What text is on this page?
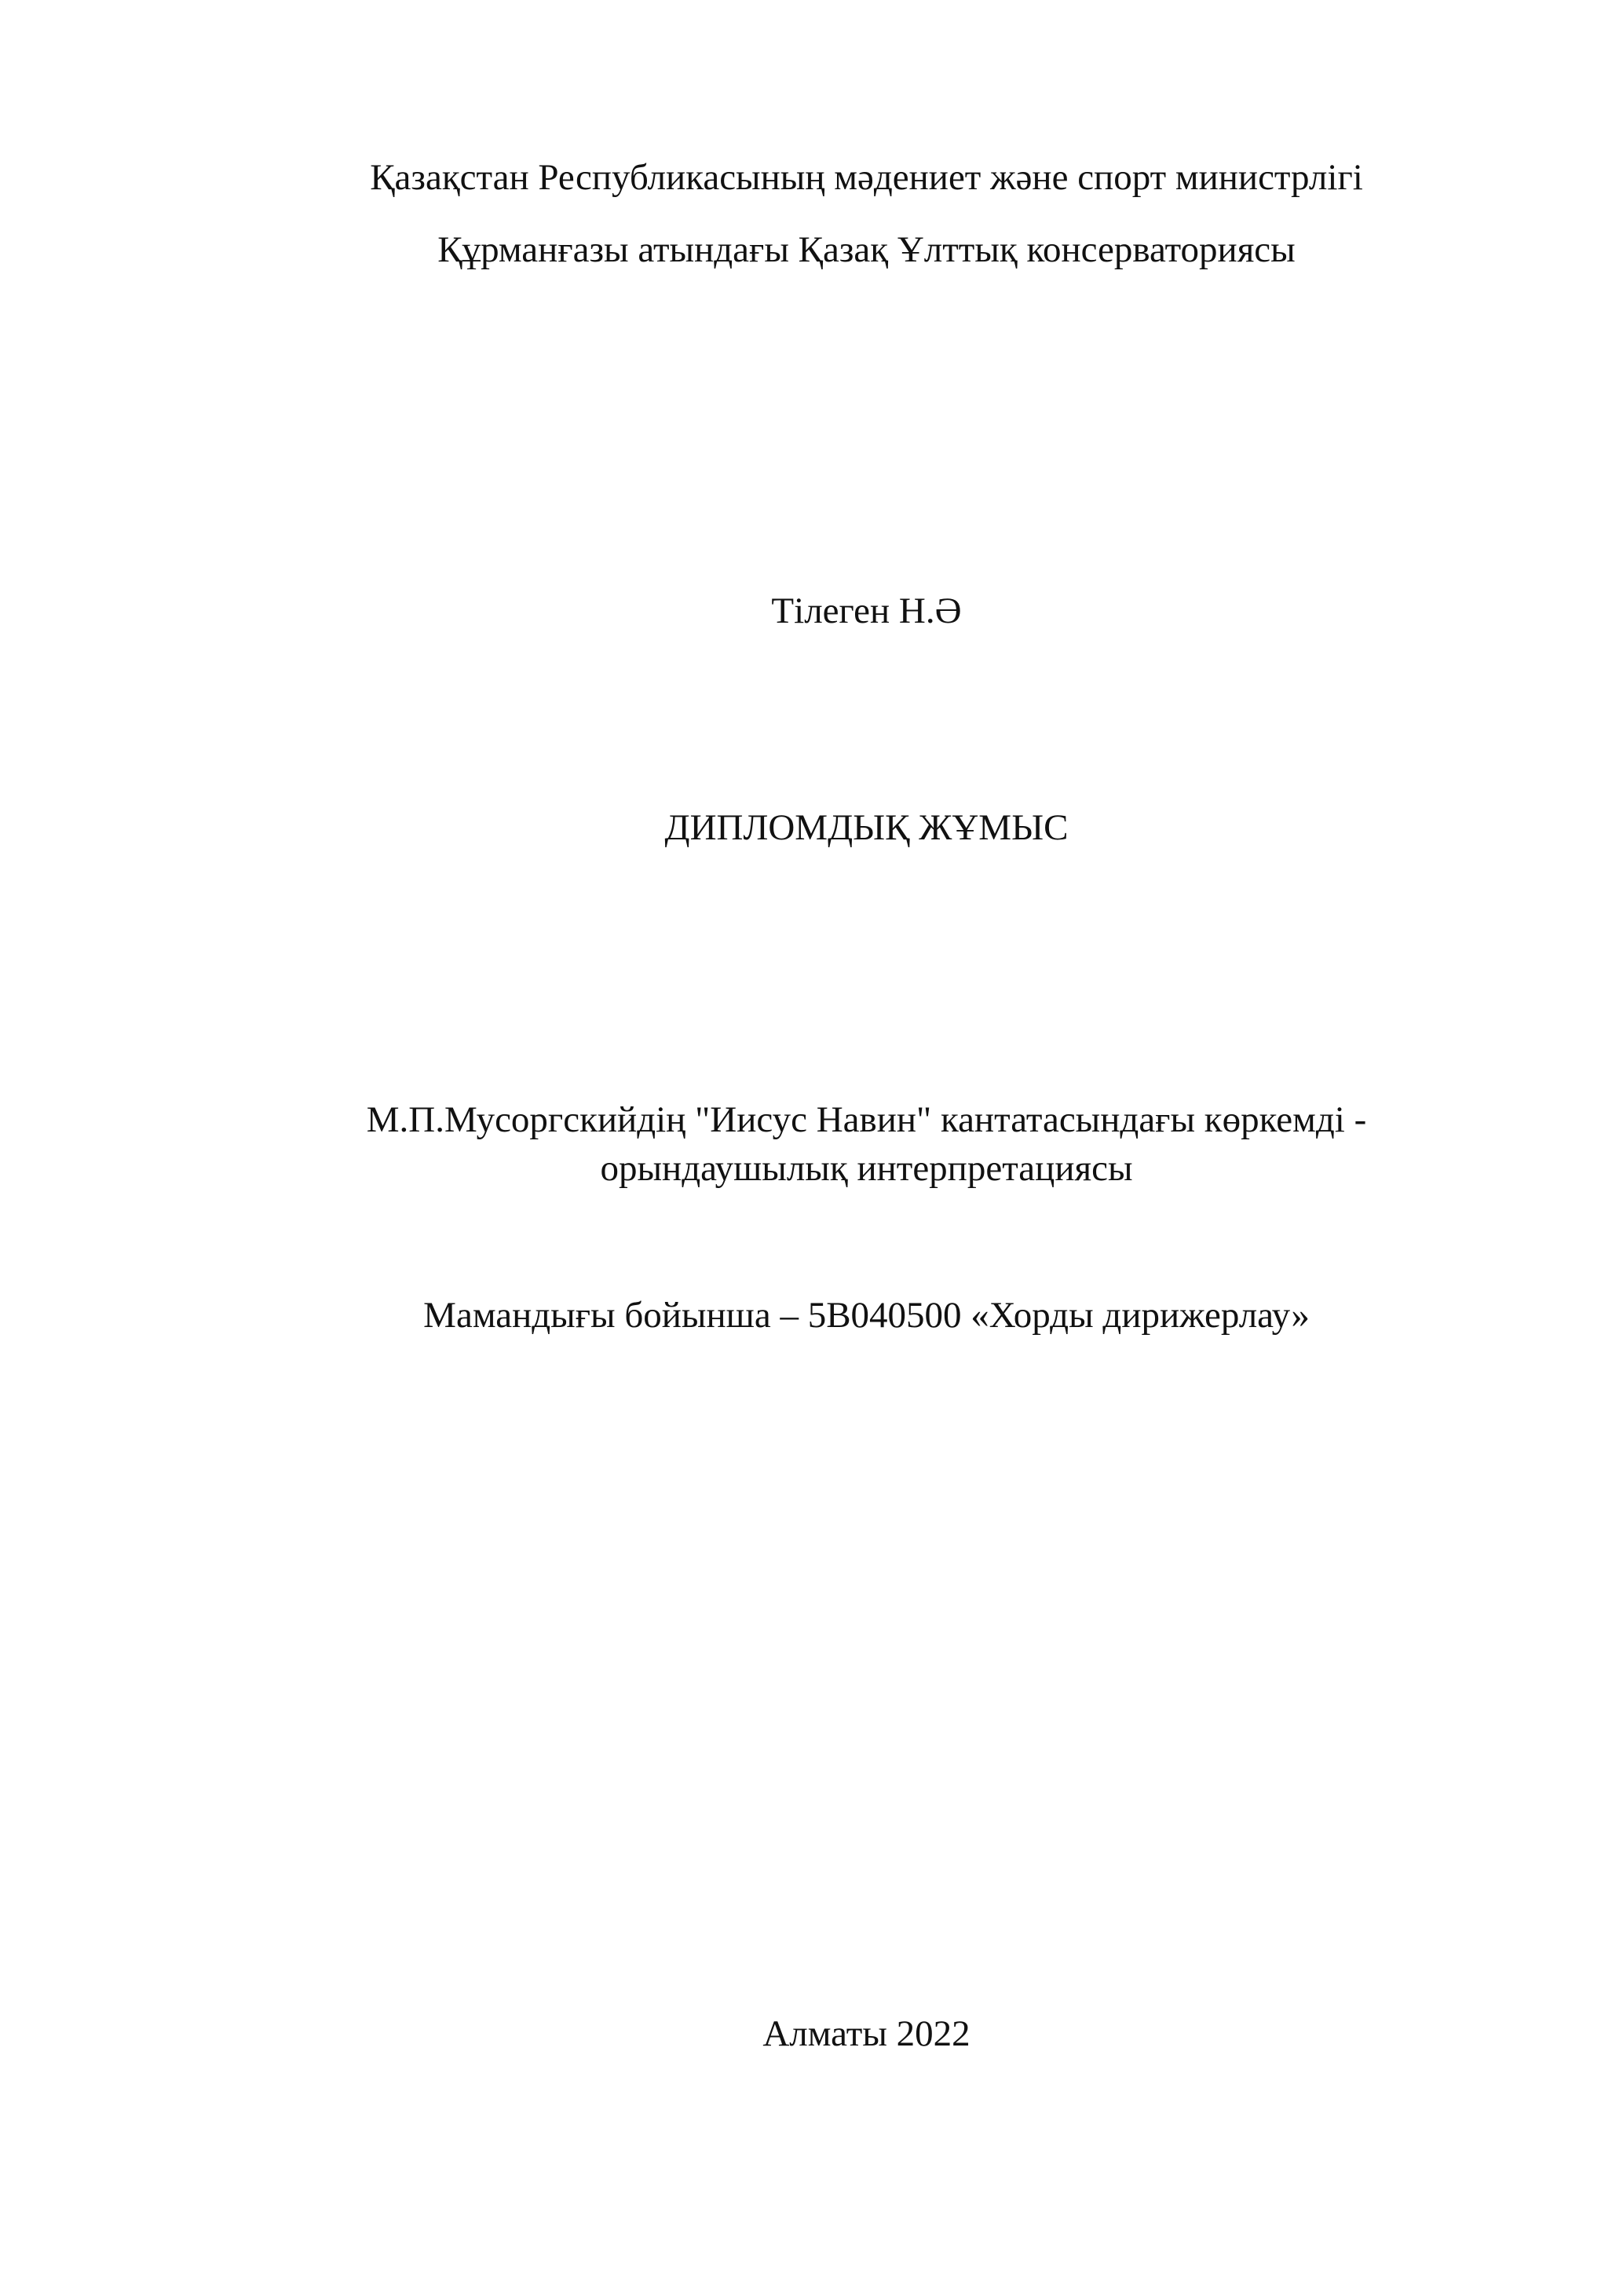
Қазақстан Республикасының мәдениет және спорт министрлігі
Құрманғазы атындағы Қазақ Ұлттық консерваториясы
Тілеген Н.Ә
ДИПЛОМДЫҚ ЖҰМЫС
М.П.Мусоргскийдің "Иисус Навин" кантатасындағы көркемді -
орындаушылық интерпретациясы
Мамандығы бойынша – 5В040500 «Хорды дирижерлау»
Алматы 2022
